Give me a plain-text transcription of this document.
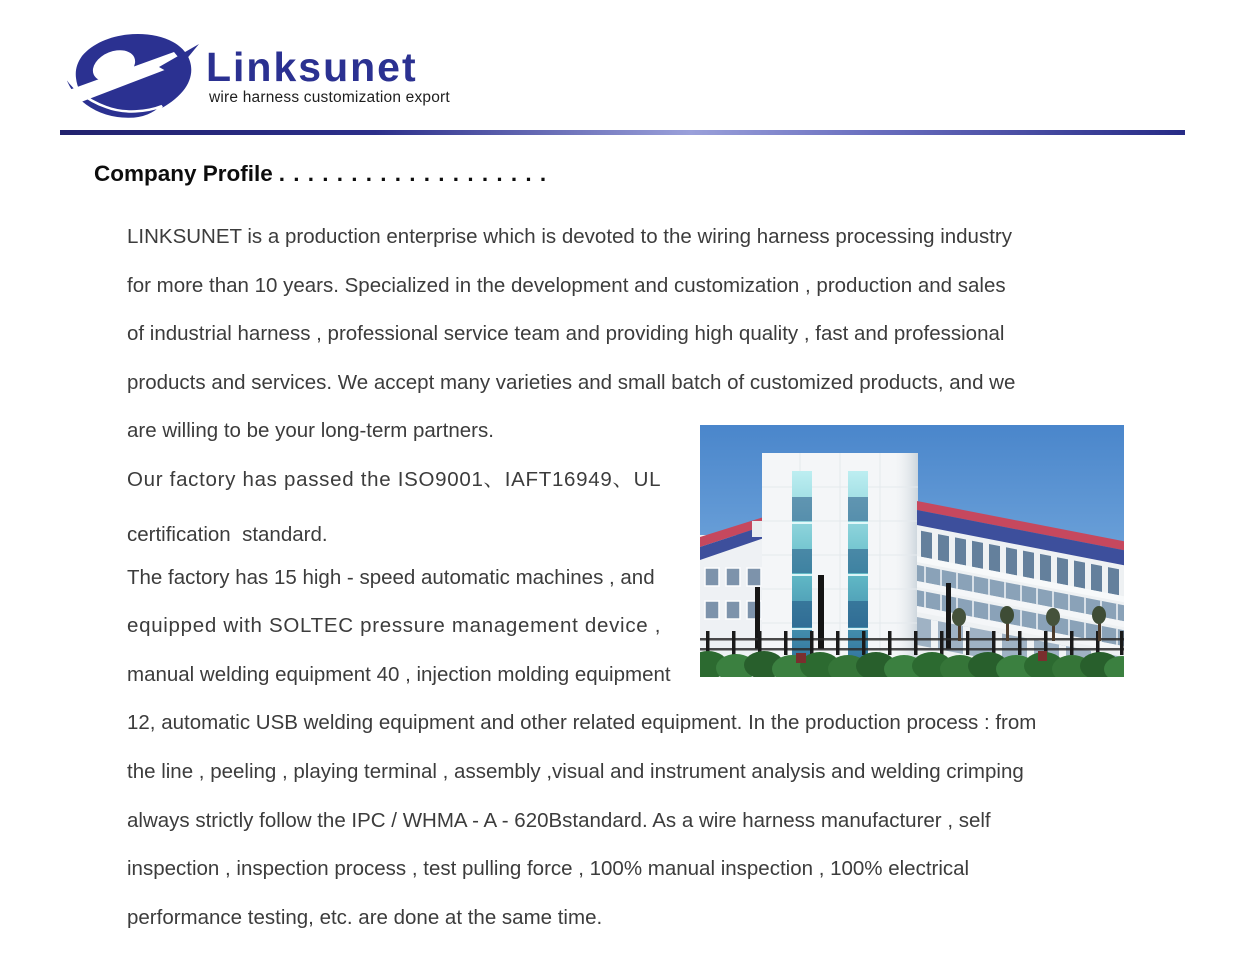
Linksunet
wire harness customization export
Company Profile . . . . . . . . . . . . . . . . . . .
LINKSUNET is a production enterprise which is devoted to the wiring harness processing industry
for more than 10 years. Specialized in the development and customization , production and sales
of industrial harness , professional service team and providing high quality , fast and professional
products and services. We accept many varieties and small batch of customized products, and we
are willing to be your long-term partners.
Our factory has passed the ISO9001、IAFT16949、UL
certification  standard.
The factory has 15 high - speed automatic machines , and
equipped with SOLTEC pressure management device ,
manual welding equipment 40 , injection molding equipment
12, automatic USB welding equipment and other related equipment. In the production process : from
the line , peeling , playing terminal , assembly ,visual and instrument analysis and welding crimping
always strictly follow the IPC / WHMA - A - 620Bstandard. As a wire harness manufacturer , self
inspection , inspection process , test pulling force , 100% manual inspection , 100% electrical
performance testing, etc. are done at the same time.
